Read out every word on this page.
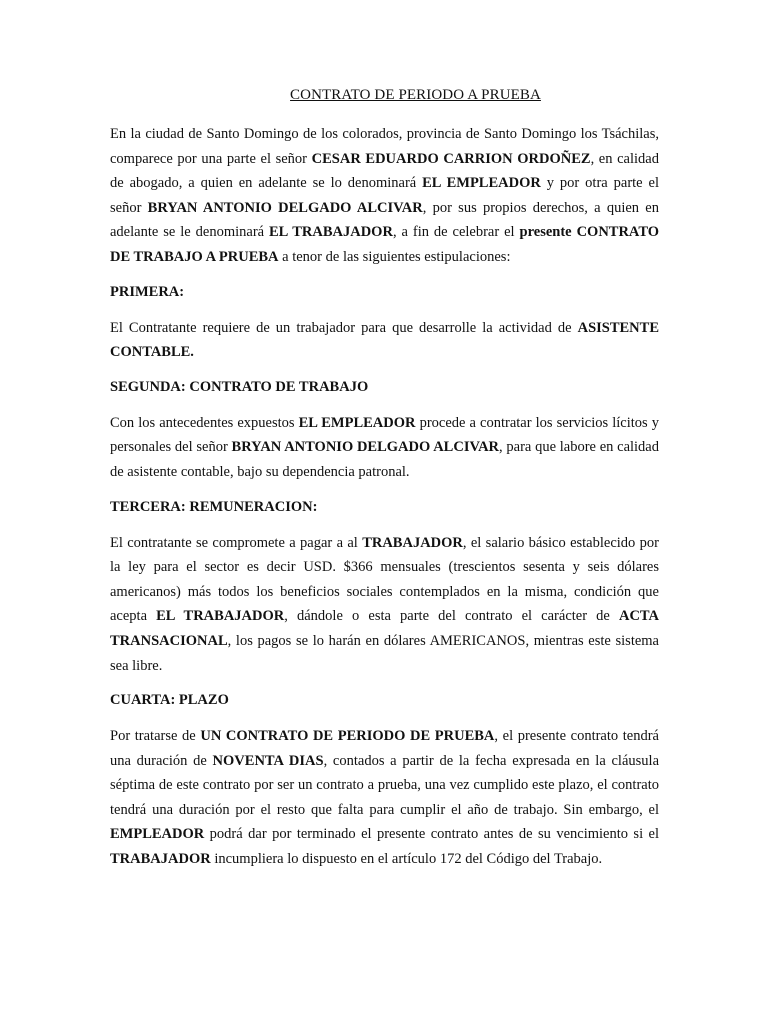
CONTRATO DE PERIODO A PRUEBA

En la ciudad de Santo Domingo de los colorados, provincia de Santo Domingo los Tsáchilas, comparece por una parte el señor CESAR EDUARDO CARRION ORDOÑEZ, en calidad de abogado, a quien en adelante se lo denominará EL EMPLEADOR y por otra parte el señor BRYAN ANTONIO DELGADO ALCIVAR, por sus propios derechos, a quien en adelante se le denominará EL TRABAJADOR, a fin de celebrar el presente CONTRATO DE TRABAJO A PRUEBA a tenor de las siguientes estipulaciones:

PRIMERA:

El Contratante requiere de un trabajador para que desarrolle la actividad de ASISTENTE CONTABLE.

SEGUNDA: CONTRATO DE TRABAJO

Con los antecedentes expuestos EL EMPLEADOR procede a contratar los servicios lícitos y personales del señor BRYAN ANTONIO DELGADO ALCIVAR, para que labore en calidad de asistente contable, bajo su dependencia patronal.

TERCERA: REMUNERACION:

El contratante se compromete a pagar a al TRABAJADOR, el salario básico establecido por la ley para el sector es decir USD. $366 mensuales (trescientos sesenta y seis dólares americanos) más todos los beneficios sociales contemplados en la misma, condición que acepta EL TRABAJADOR, dándole o esta parte del contrato el carácter de ACTA TRANSACIONAL, los pagos se lo harán en dólares AMERICANOS, mientras este sistema sea libre.

CUARTA: PLAZO

Por tratarse de UN CONTRATO DE PERIODO DE PRUEBA, el presente contrato tendrá una duración de NOVENTA DIAS, contados a partir de la fecha expresada en la cláusula séptima de este contrato por ser un contrato a prueba, una vez cumplido este plazo, el contrato tendrá una duración por el resto que falta para cumplir el año de trabajo. Sin embargo, el EMPLEADOR podrá dar por terminado el presente contrato antes de su vencimiento si el TRABAJADOR incumpliera lo dispuesto en el artículo 172 del Código del Trabajo.
